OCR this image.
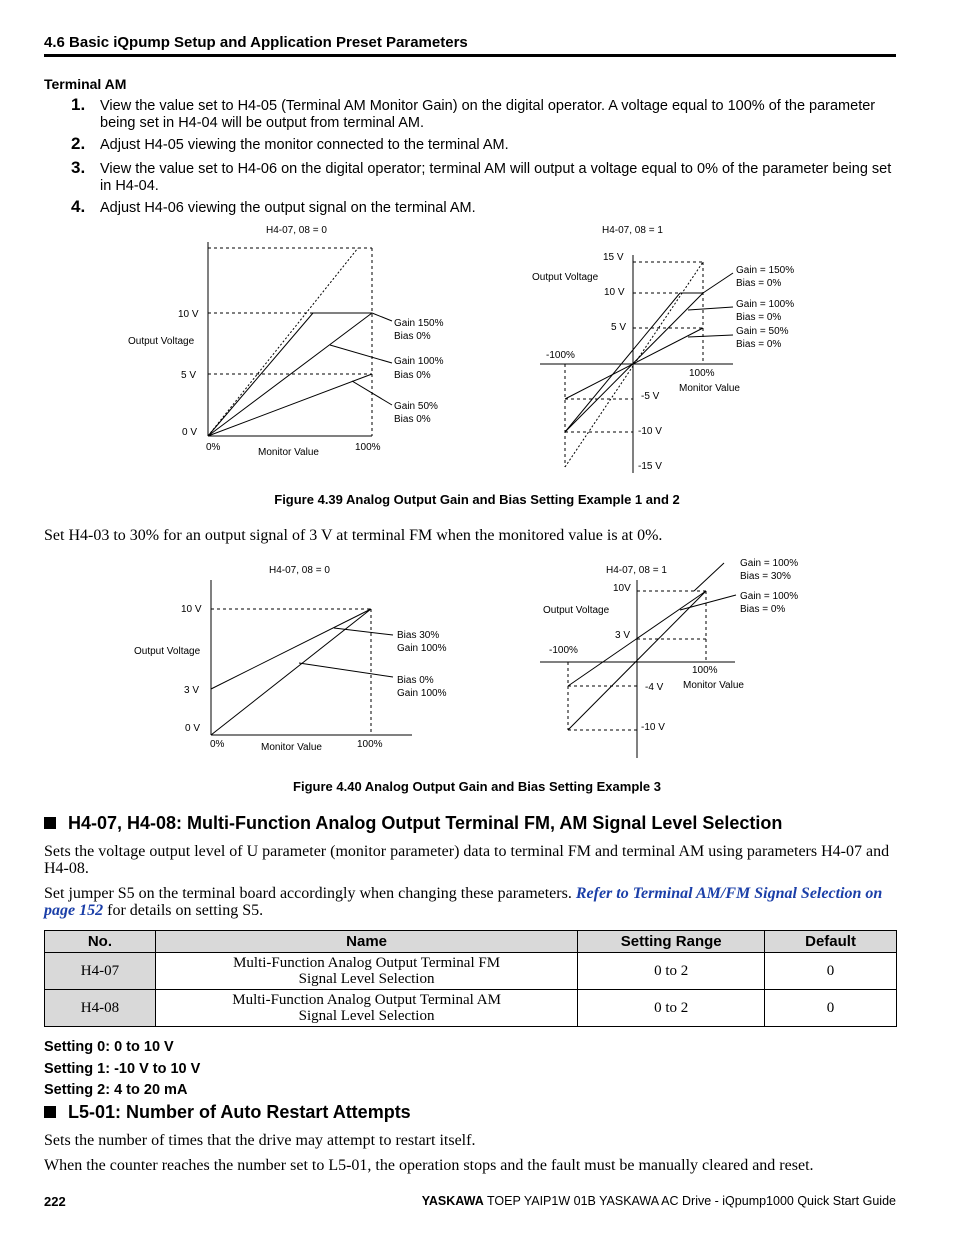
4.6 Basic iQpump Setup and Application Preset Parameters
Terminal AM
1. View the value set to H4-05 (Terminal AM Monitor Gain) on the digital operator. A voltage equal to 100% of the parameter being set in H4-04 will be output from terminal AM.
2. Adjust H4-05 viewing the monitor connected to the terminal AM.
3. View the value set to H4-06 on the digital operator; terminal AM will output a voltage equal to 0% of the parameter being set in H4-04.
4. Adjust H4-06 viewing the output signal on the terminal AM.
H4-07, 08 = 0
10 V
5 V
0 V
Output Voltage
0%	100%
Monitor Value
Gain 150%
Bias 0%
Gain 100%
Bias 0%
Gain 50%
Bias 0%
H4-07, 08 = 1
15 V
10 V
5 V
-5 V
-10 V
-15 V
Output Voltage
-100%
100%
Monitor Value
Gain = 150%
Bias = 0%
Gain = 100%
Bias = 0%
Gain = 50%
Bias = 0%
Figure 4.39 Analog Output Gain and Bias Setting Example 1 and 2
Set H4-03 to 30% for an output signal of 3 V at terminal FM when the monitored value is at 0%.
H4-07, 08 = 0
10 V
3 V
0 V
Output Voltage
0%	100%
Monitor Value
Bias 30%
Gain 100%
Bias 0%
Gain 100%
H4-07, 08 = 1
10V
3 V
-4 V
-10 V
Output Voltage
-100%
100%
Monitor Value
Gain = 100%
Bias = 30%
Gain = 100%
Bias = 0%
Figure 4.40 Analog Output Gain and Bias Setting Example 3
H4-07, H4-08: Multi-Function Analog Output Terminal FM, AM Signal Level Selection
Sets the voltage output level of U parameter (monitor parameter) data to terminal FM and terminal AM using parameters H4-07 and H4-08.
Set jumper S5 on the terminal board accordingly when changing these parameters. Refer to Terminal AM/FM Signal Selection on page 152 for details on setting S5.
No.	Name	Setting Range	Default
H4-07	Multi-Function Analog Output Terminal FM
Signal Level Selection	0 to 2	0
H4-08	Multi-Function Analog Output Terminal AM
Signal Level Selection	0 to 2	0
Setting 0: 0 to 10 V
Setting 1: -10 V to 10 V
Setting 2: 4 to 20 mA
L5-01: Number of Auto Restart Attempts
Sets the number of times that the drive may attempt to restart itself.
When the counter reaches the number set to L5-01, the operation stops and the fault must be manually cleared and reset.
222	YASKAWA TOEP YAIP1W 01B YASKAWA AC Drive - iQpump1000 Quick Start Guide
